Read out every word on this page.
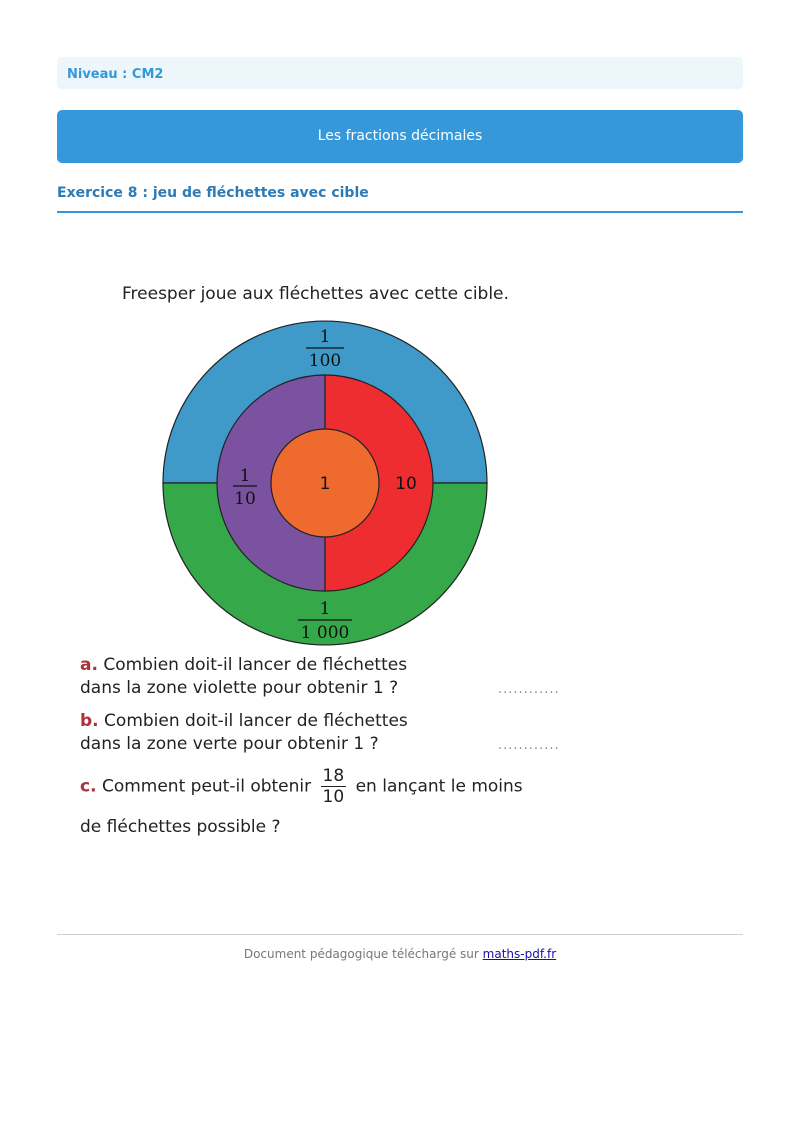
Niveau : CM2
Les fractions décimales
Exercice 8 : jeu de fléchettes avec cible
Freesper joue aux fléchettes avec cette cible.
1
100
1
10
1	10
1
1 000
a. Combien doit-il lancer de fléchettes
dans la zone violette pour obtenir 1 ?	............
b. Combien doit-il lancer de fléchettes
dans la zone verte pour obtenir 1 ?	............
c. Comment peut-il obtenir $\frac{18}{10}$ en lançant le moins
de fléchettes possible ?
Document pédagogique téléchargé sur maths-pdf.fr
